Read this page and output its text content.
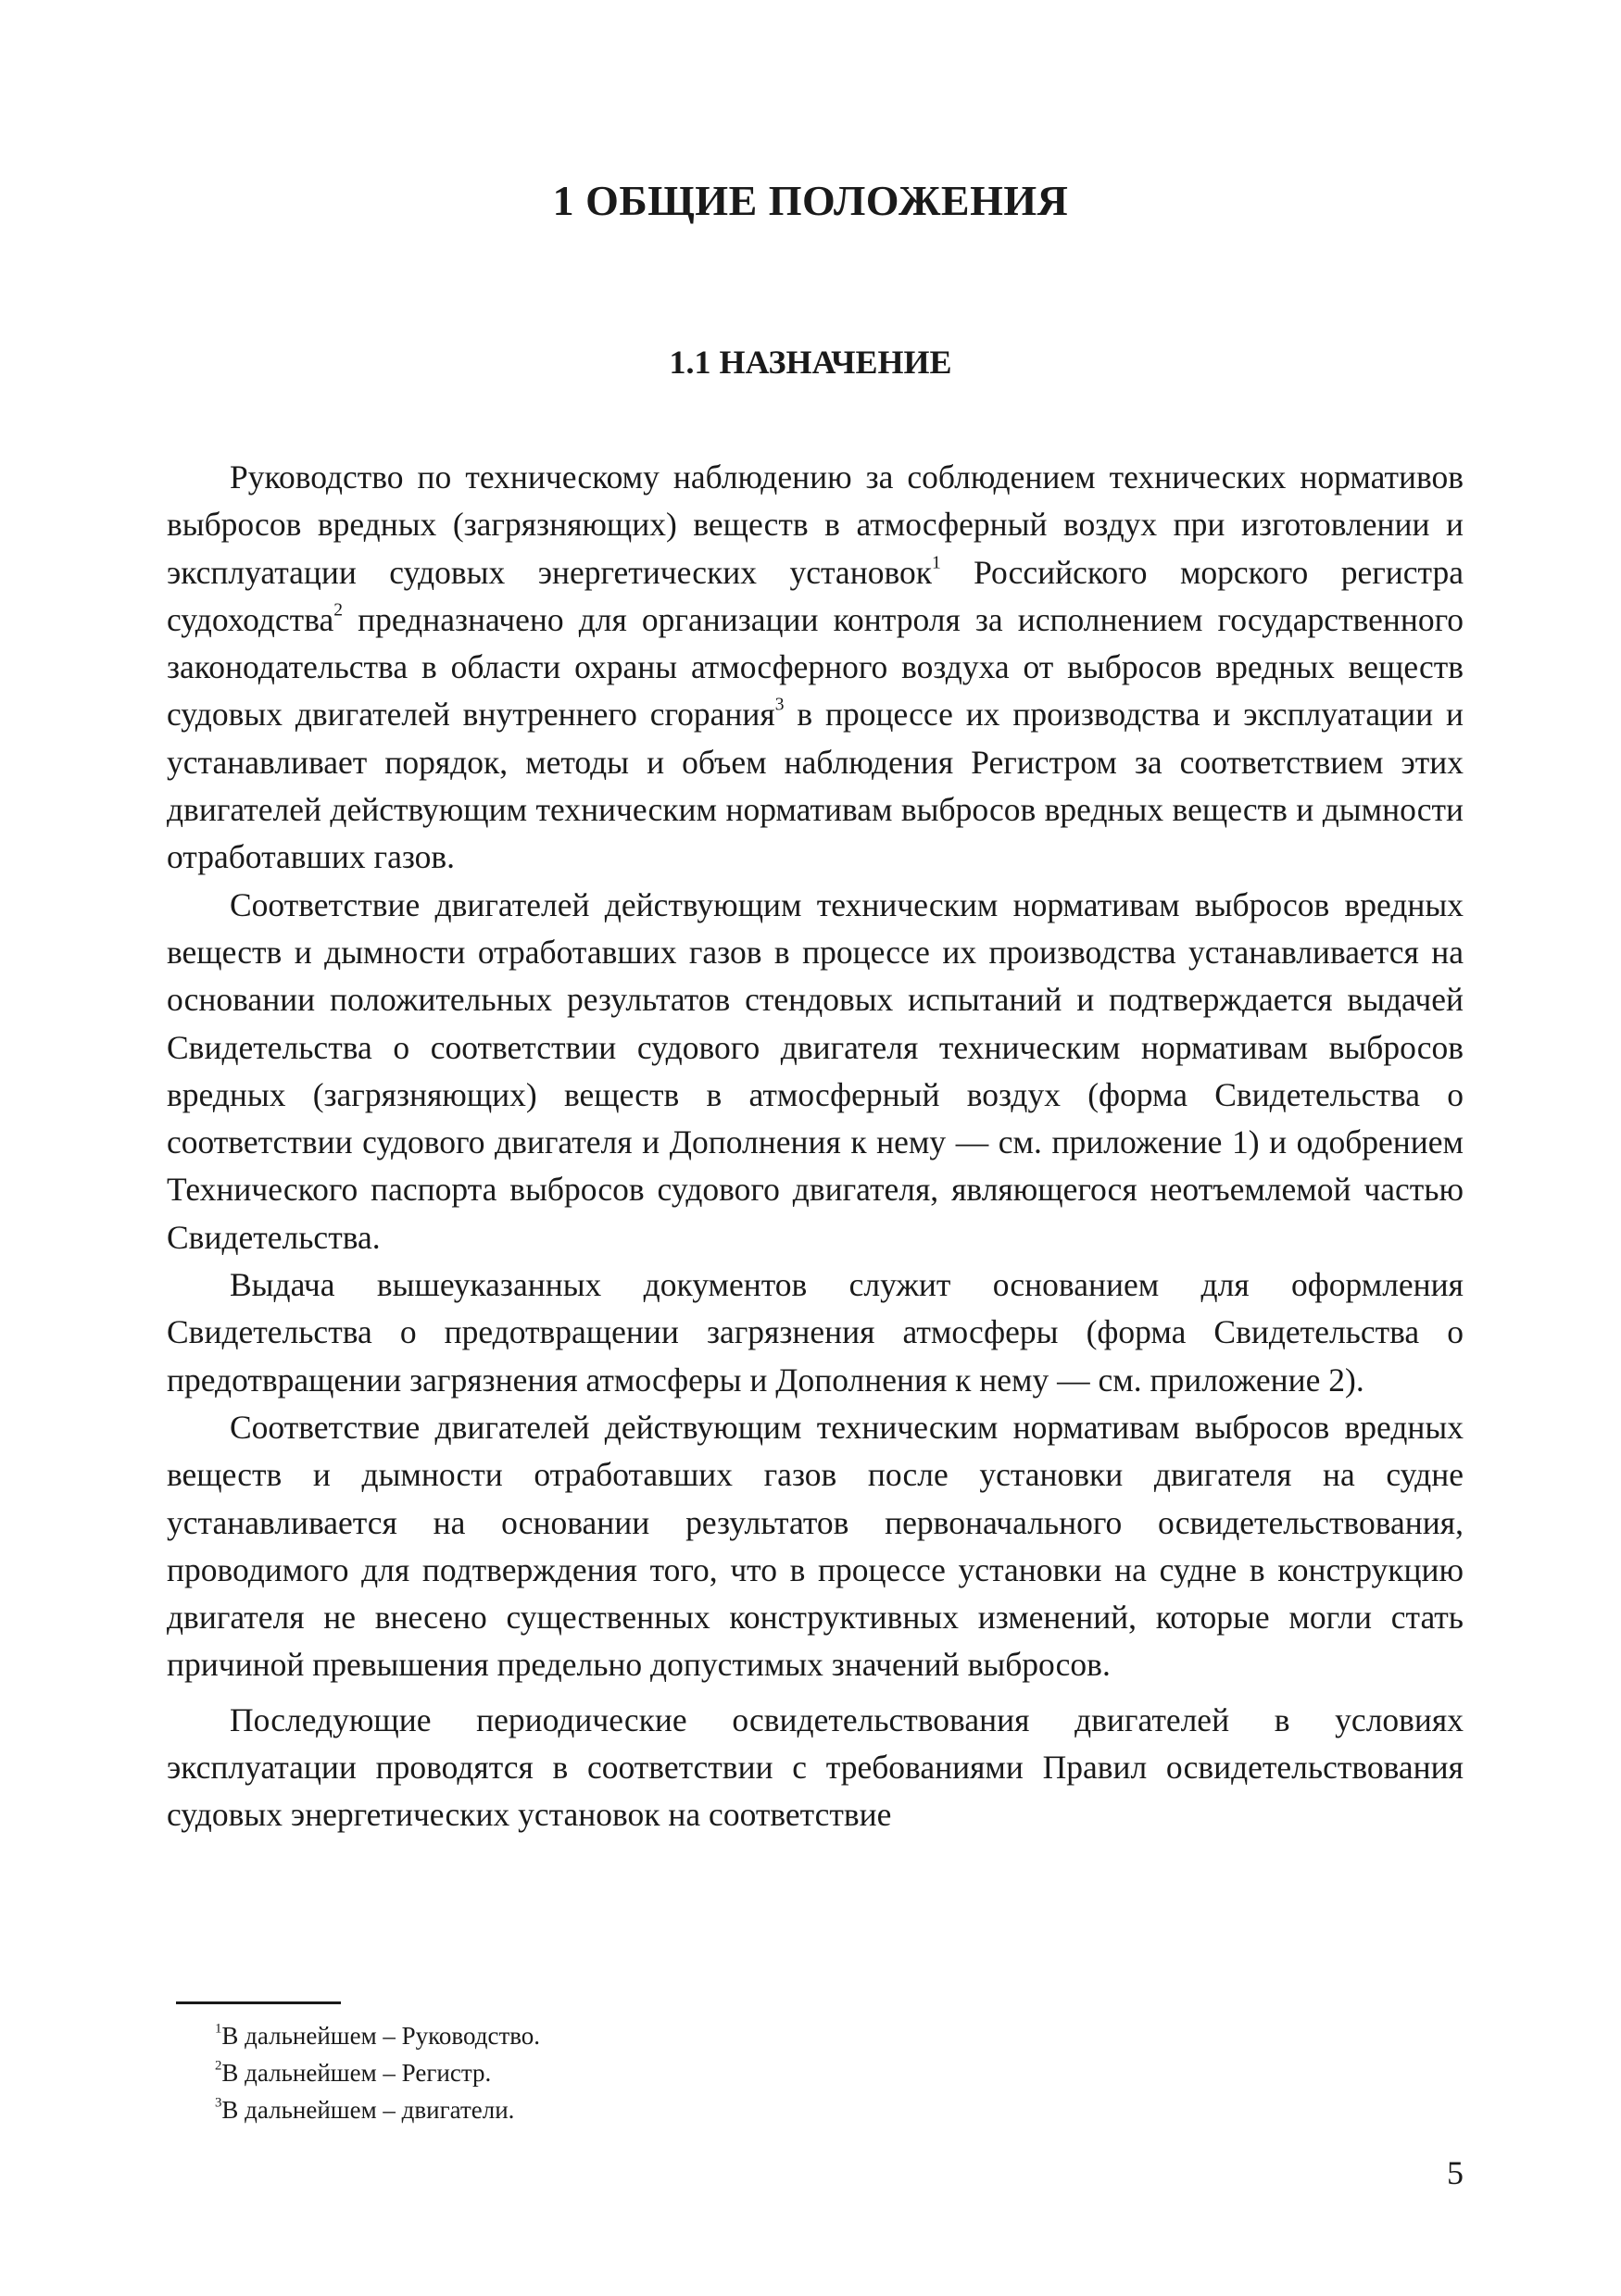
1 ОБЩИЕ ПОЛОЖЕНИЯ
1.1 НАЗНАЧЕНИЕ

Руководство по техническому наблюдению за соблюдением технических нормативов выбросов вредных (загрязняющих) веществ в атмосферный воздух при изготовлении и эксплуатации судовых энергетических установок$^1$ Российского морского регистра судоходства$^2$ предназначено для организации контроля за исполнением государственного законодательства в области охраны атмосферного воздуха от выбросов вредных веществ судовых двигателей внутреннего сгорания$^3$ в процессе их производства и эксплуатации и устанавливает порядок, методы и объем наблюдения Регистром за соответствием этих двигателей действующим техническим нормативам выбросов вредных веществ и дымности отработавших газов.

Соответствие двигателей действующим техническим нормативам выбросов вредных веществ и дымности отработавших газов в процессе их производства устанавливается на основании положительных результатов стендовых испытаний и подтверждается выдачей Свидетельства о соответствии судового двигателя техническим нормативам выбросов вредных (загрязняющих) веществ в атмосферный воздух (форма Свидетельства о соответствии судового двигателя и Дополнения к нему — см. приложение 1) и одобрением Технического паспорта выбросов судового двигателя, являющегося неотъемлемой частью Свидетельства.

Выдача вышеуказанных документов служит основанием для оформления Свидетельства о предотвращении загрязнения атмосферы (форма Свидетельства о предотвращении загрязнения атмосферы и Дополнения к нему — см. приложение 2).

Соответствие двигателей действующим техническим нормативам выбросов вредных веществ и дымности отработавших газов после установки двигателя на судне устанавливается на основании результатов первоначального освидетельствования, проводимого для подтверждения того, что в процессе установки на судне в конструкцию двигателя не внесено существенных конструктивных изменений, которые могли стать причиной превышения предельно допустимых значений выбросов.

Последующие периодические освидетельствования двигателей в условиях эксплуатации проводятся в соответствии с требованиями Правил освидетельствования судовых энергетических установок на соответствие

$^1$В дальнейшем – Руководство.

$^2$В дальнейшем – Регистр.

$^3$В дальнейшем – двигатели.

5
